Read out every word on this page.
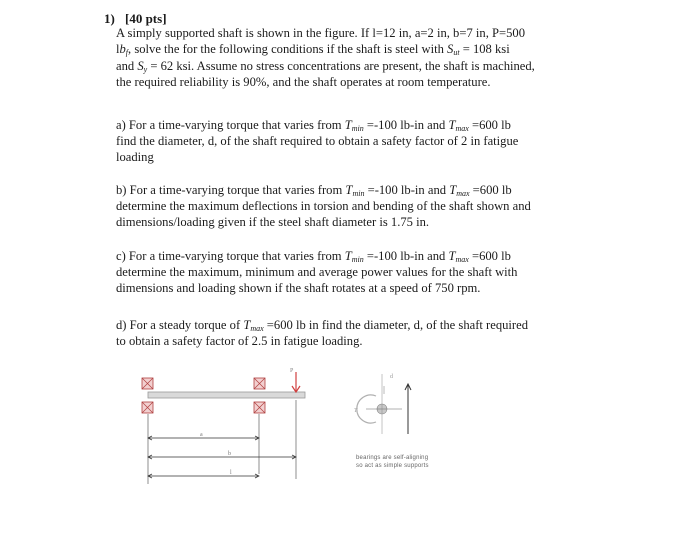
1) [40 pts]
A simply supported shaft is shown in the figure. If l=12 in, a=2 in, b=7 in, P=500
$lb_f$, solve the for the following conditions if the shaft is steel with $S_{ut} = 108$ ksi
and $S_y = 62$ ksi. Assume no stress concentrations are present, the shaft is machined,
the required reliability is 90%, and the shaft operates at room temperature.
a) For a time-varying torque that varies from $T_{min} =-100$ lb-in and $T_{max} =600$ lb
find the diameter, d, of the shaft required to obtain a safety factor of 2 in fatigue
loading
b) For a time-varying torque that varies from $T_{min} =-100$ lb-in and $T_{max} =600$ lb
determine the maximum deflections in torsion and bending of the shaft shown and
dimensions/loading given if the steel shaft diameter is 1.75 in.
c) For a time-varying torque that varies from $T_{min} =-100$ lb-in and $T_{max} =600$ lb
determine the maximum, minimum and average power values for the shaft with
dimensions and loading shown if the shaft rotates at a speed of 750 rpm.
d) For a steady torque of $T_{max} =600$ lb in find the diameter, d, of the shaft required
to obtain a safety factor of 2.5 in fatigue loading.
P
a
b
l
T
d
bearings are self-aligning
so act as simple supports
